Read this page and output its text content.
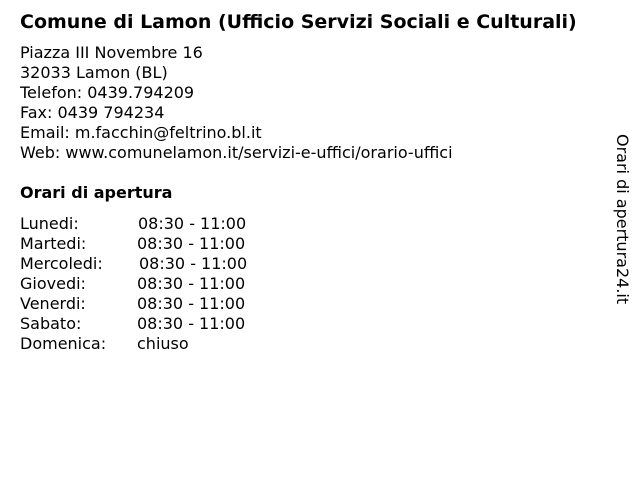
Comune di Lamon (Ufficio Servizi Sociali e Culturali)
Piazza III Novembre 16
32033 Lamon (BL)
Telefon: 0439.794209
Fax: 0439 794234
Email: m.facchin@feltrino.bl.it
Web: www.comunelamon.it/servizi-e-uffici/orario-uffici
Orari di apertura
Lunedi:	08:30 - 11:00
Martedi:	08:30 - 11:00
Mercoledi: 08:30 - 11:00
Giovedi:	08:30 - 11:00
Venerdi:	08:30 - 11:00
Sabato:	08:30 - 11:00
Domenica: chiuso
Orari di apertura24.it
